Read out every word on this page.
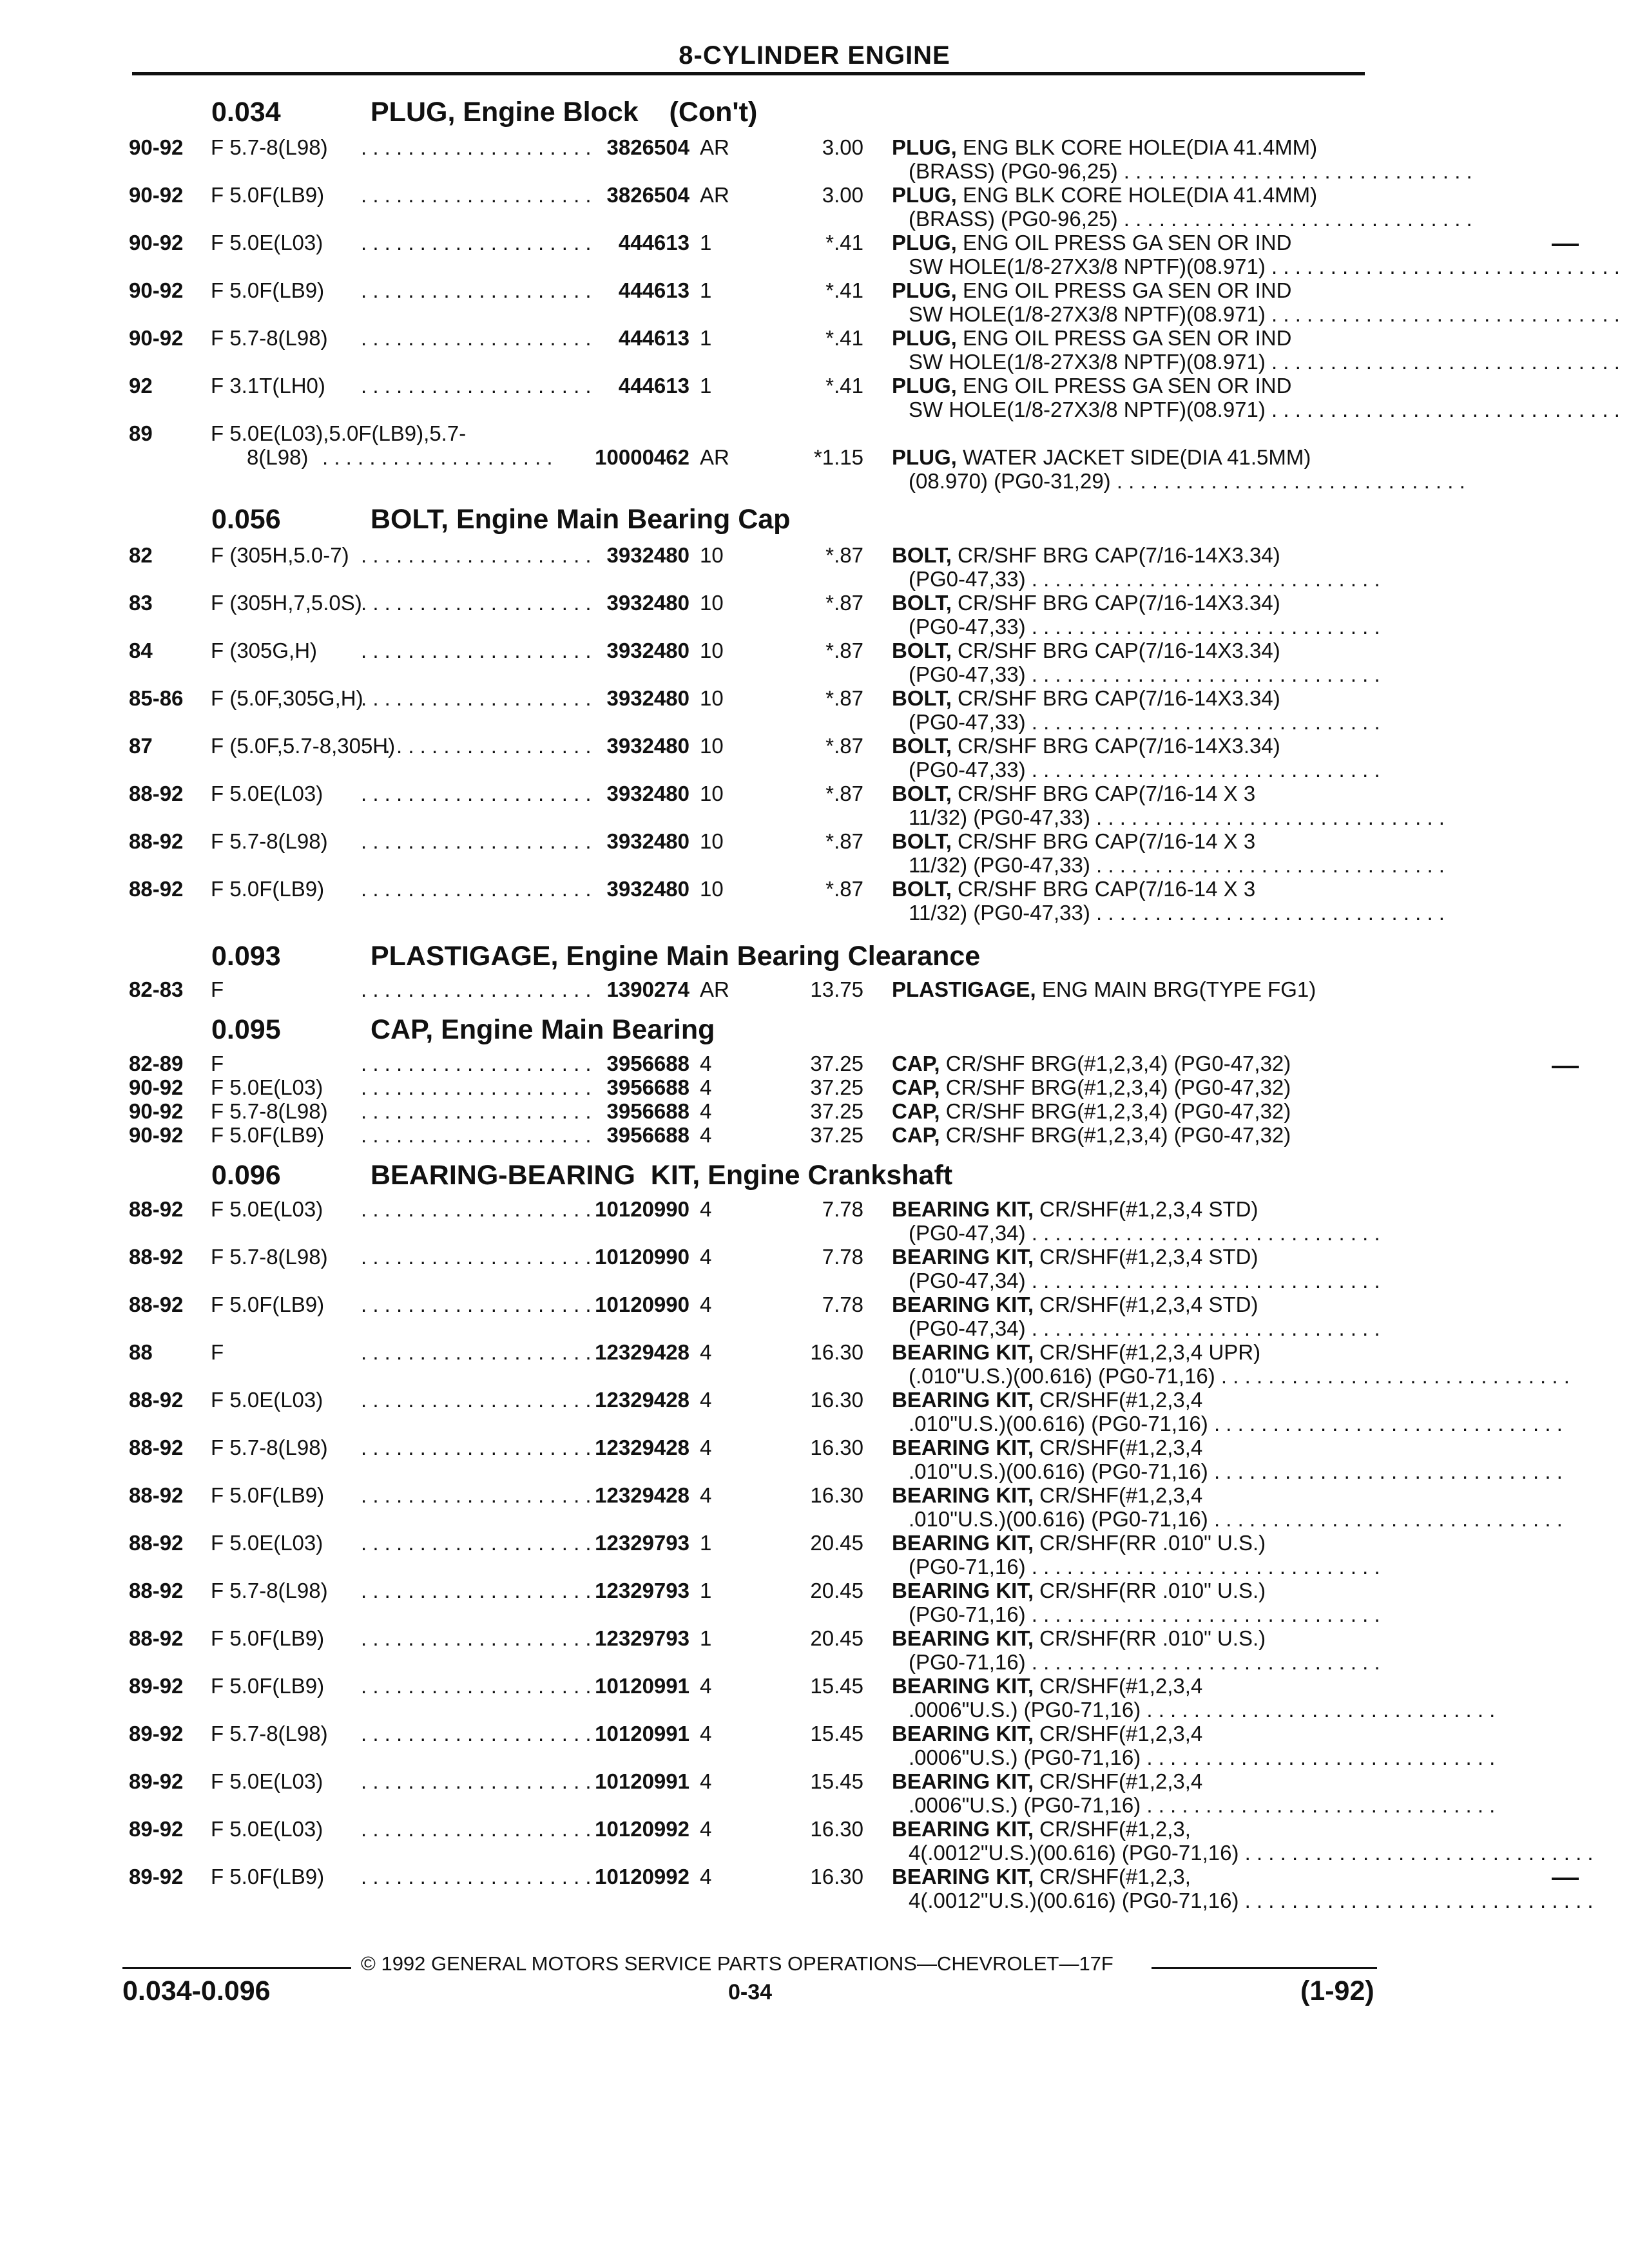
8-CYLINDER ENGINE
0.034	PLUG, Engine Block    (Con't)
90-92 F 5.7-8(L98)	. . . . . . . . . . . . . . . . . . . . 3826504 AR	3.00 PLUG, ENG BLK CORE HOLE(DIA 41.4MM)
(BRASS) (PG0-96,25) . . . . . . . . . . . . . . . . . . . . . . . . . . . . . .
90-92 F 5.0F(LB9)	. . . . . . . . . . . . . . . . . . . . 3826504 AR	3.00 PLUG, ENG BLK CORE HOLE(DIA 41.4MM)
(BRASS) (PG0-96,25) . . . . . . . . . . . . . . . . . . . . . . . . . . . . . .
90-92 F 5.0E(L03)	. . . . . . . . . . . . . . . . . . . .	444613 1	*.41 PLUG, ENG OIL PRESS GA SEN OR IND
SW HOLE(1/8-27X3/8 NPTF)(08.971) . . . . . . . . . . . . . . . . . . . . . . . . . . . . . .
90-92 F 5.0F(LB9)	. . . . . . . . . . . . . . . . . . . .	444613 1	*.41 PLUG, ENG OIL PRESS GA SEN OR IND
SW HOLE(1/8-27X3/8 NPTF)(08.971) . . . . . . . . . . . . . . . . . . . . . . . . . . . . . .
90-92 F 5.7-8(L98)	. . . . . . . . . . . . . . . . . . . .	444613 1	*.41 PLUG, ENG OIL PRESS GA SEN OR IND
SW HOLE(1/8-27X3/8 NPTF)(08.971) . . . . . . . . . . . . . . . . . . . . . . . . . . . . . .
92	F 3.1T(LH0)	. . . . . . . . . . . . . . . . . . . .	444613 1	*.41 PLUG, ENG OIL PRESS GA SEN OR IND
SW HOLE(1/8-27X3/8 NPTF)(08.971) . . . . . . . . . . . . . . . . . . . . . . . . . . . . . .
89	F 5.0E(L03),5.0F(LB9),5.7-
8(L98) . . . . . . . . . . . . . . . . . . . .	10000462 AR	*1.15 PLUG, WATER JACKET SIDE(DIA 41.5MM)
(08.970) (PG0-31,29) . . . . . . . . . . . . . . . . . . . . . . . . . . . . . .
0.056	BOLT, Engine Main Bearing Cap
82	F (305H,5.0-7) . . . . . . . . . . . . . . . . . . . . 3932480 10	*.87 BOLT, CR/SHF BRG CAP(7/16-14X3.34)
(PG0-47,33) . . . . . . . . . . . . . . . . . . . . . . . . . . . . . .
83	F (305H,7,5.0S)
. . . . . . . . . . . . . . . . . . . . 3932480 10	*.87 BOLT, CR/SHF BRG CAP(7/16-14X3.34)
(PG0-47,33) . . . . . . . . . . . . . . . . . . . . . . . . . . . . . .
84	F (305G,H)	. . . . . . . . . . . . . . . . . . . . 3932480 10	*.87 BOLT, CR/SHF BRG CAP(7/16-14X3.34)
(PG0-47,33) . . . . . . . . . . . . . . . . . . . . . . . . . . . . . .
85-86 F (5.0F,305G,H)
. . . . . . . . . . . . . . . . . . . . 3932480 10	*.87 BOLT, CR/SHF BRG CAP(7/16-14X3.34)
(PG0-47,33) . . . . . . . . . . . . . . . . . . . . . . . . . . . . . .
87	F (5.0F,5.7-8,305H)
. . . . . . . . . . . . . . . . . . . . 3932480 10	*.87 BOLT, CR/SHF BRG CAP(7/16-14X3.34)
(PG0-47,33) . . . . . . . . . . . . . . . . . . . . . . . . . . . . . .
88-92 F 5.0E(L03)	. . . . . . . . . . . . . . . . . . . . 3932480 10	*.87 BOLT, CR/SHF BRG CAP(7/16-14 X 3
11/32) (PG0-47,33) . . . . . . . . . . . . . . . . . . . . . . . . . . . . . .
88-92 F 5.7-8(L98)	. . . . . . . . . . . . . . . . . . . . 3932480 10	*.87 BOLT, CR/SHF BRG CAP(7/16-14 X 3
11/32) (PG0-47,33) . . . . . . . . . . . . . . . . . . . . . . . . . . . . . .
88-92 F 5.0F(LB9)	. . . . . . . . . . . . . . . . . . . . 3932480 10	*.87 BOLT, CR/SHF BRG CAP(7/16-14 X 3
11/32) (PG0-47,33) . . . . . . . . . . . . . . . . . . . . . . . . . . . . . .
0.093	PLASTIGAGE, Engine Main Bearing Clearance
82-83 F	. . . . . . . . . . . . . . . . . . . . 1390274 AR	13.75 PLASTIGAGE, ENG MAIN BRG(TYPE FG1)
0.095	CAP, Engine Main Bearing
82-89 F	. . . . . . . . . . . . . . . . . . . . 3956688 4	37.25 CAP, CR/SHF BRG(#1,2,3,4) (PG0-47,32)
90-92 F 5.0E(L03)	. . . . . . . . . . . . . . . . . . . . 3956688 4	37.25 CAP, CR/SHF BRG(#1,2,3,4) (PG0-47,32)
90-92 F 5.7-8(L98)	. . . . . . . . . . . . . . . . . . . . 3956688 4	37.25 CAP, CR/SHF BRG(#1,2,3,4) (PG0-47,32)
90-92 F 5.0F(LB9)	. . . . . . . . . . . . . . . . . . . . 3956688 4	37.25 CAP, CR/SHF BRG(#1,2,3,4) (PG0-47,32)
0.096	BEARING-BEARING  KIT, Engine Crankshaft
88-92 F 5.0E(L03)	. . . . . . . . . . . . . . . . . . . . 10120990 4	7.78 BEARING KIT, CR/SHF(#1,2,3,4 STD)
(PG0-47,34) . . . . . . . . . . . . . . . . . . . . . . . . . . . . . .
88-92 F 5.7-8(L98)	. . . . . . . . . . . . . . . . . . . . 10120990 4	7.78 BEARING KIT, CR/SHF(#1,2,3,4 STD)
(PG0-47,34) . . . . . . . . . . . . . . . . . . . . . . . . . . . . . .
88-92 F 5.0F(LB9)	. . . . . . . . . . . . . . . . . . . . 10120990 4	7.78 BEARING KIT, CR/SHF(#1,2,3,4 STD)
(PG0-47,34) . . . . . . . . . . . . . . . . . . . . . . . . . . . . . .
88	F	. . . . . . . . . . . . . . . . . . . . 12329428 4	16.30 BEARING KIT, CR/SHF(#1,2,3,4 UPR)
(.010"U.S.)(00.616) (PG0-71,16) . . . . . . . . . . . . . . . . . . . . . . . . . . . . . .
88-92 F 5.0E(L03)	. . . . . . . . . . . . . . . . . . . . 12329428 4	16.30 BEARING KIT, CR/SHF(#1,2,3,4
.010"U.S.)(00.616) (PG0-71,16) . . . . . . . . . . . . . . . . . . . . . . . . . . . . . .
88-92 F 5.7-8(L98)	. . . . . . . . . . . . . . . . . . . . 12329428 4	16.30 BEARING KIT, CR/SHF(#1,2,3,4
.010"U.S.)(00.616) (PG0-71,16) . . . . . . . . . . . . . . . . . . . . . . . . . . . . . .
88-92 F 5.0F(LB9)	. . . . . . . . . . . . . . . . . . . . 12329428 4	16.30 BEARING KIT, CR/SHF(#1,2,3,4
.010"U.S.)(00.616) (PG0-71,16) . . . . . . . . . . . . . . . . . . . . . . . . . . . . . .
88-92 F 5.0E(L03)	. . . . . . . . . . . . . . . . . . . . 12329793 1	20.45 BEARING KIT, CR/SHF(RR .010" U.S.)
(PG0-71,16) . . . . . . . . . . . . . . . . . . . . . . . . . . . . . .
88-92 F 5.7-8(L98)	. . . . . . . . . . . . . . . . . . . . 12329793 1	20.45 BEARING KIT, CR/SHF(RR .010" U.S.)
(PG0-71,16) . . . . . . . . . . . . . . . . . . . . . . . . . . . . . .
88-92 F 5.0F(LB9)	. . . . . . . . . . . . . . . . . . . . 12329793 1	20.45 BEARING KIT, CR/SHF(RR .010" U.S.)
(PG0-71,16) . . . . . . . . . . . . . . . . . . . . . . . . . . . . . .
89-92 F 5.0F(LB9)	. . . . . . . . . . . . . . . . . . . . 10120991 4	15.45 BEARING KIT, CR/SHF(#1,2,3,4
.0006"U.S.) (PG0-71,16) . . . . . . . . . . . . . . . . . . . . . . . . . . . . . .
89-92 F 5.7-8(L98)	. . . . . . . . . . . . . . . . . . . . 10120991 4	15.45 BEARING KIT, CR/SHF(#1,2,3,4
.0006"U.S.) (PG0-71,16) . . . . . . . . . . . . . . . . . . . . . . . . . . . . . .
89-92 F 5.0E(L03)	. . . . . . . . . . . . . . . . . . . . 10120991 4	15.45 BEARING KIT, CR/SHF(#1,2,3,4
.0006"U.S.) (PG0-71,16) . . . . . . . . . . . . . . . . . . . . . . . . . . . . . .
89-92 F 5.0E(L03)	. . . . . . . . . . . . . . . . . . . . 10120992 4	16.30 BEARING KIT, CR/SHF(#1,2,3,
4(.0012"U.S.)(00.616) (PG0-71,16) . . . . . . . . . . . . . . . . . . . . . . . . . . . . . .
89-92 F 5.0F(LB9)	. . . . . . . . . . . . . . . . . . . . 10120992 4	16.30 BEARING KIT, CR/SHF(#1,2,3,
4(.0012"U.S.)(00.616) (PG0-71,16) . . . . . . . . . . . . . . . . . . . . . . . . . . . . . .
© 1992 GENERAL MOTORS SERVICE PARTS OPERATIONS—CHEVROLET—17F
0.034-0.096	0-34	(1-92)
